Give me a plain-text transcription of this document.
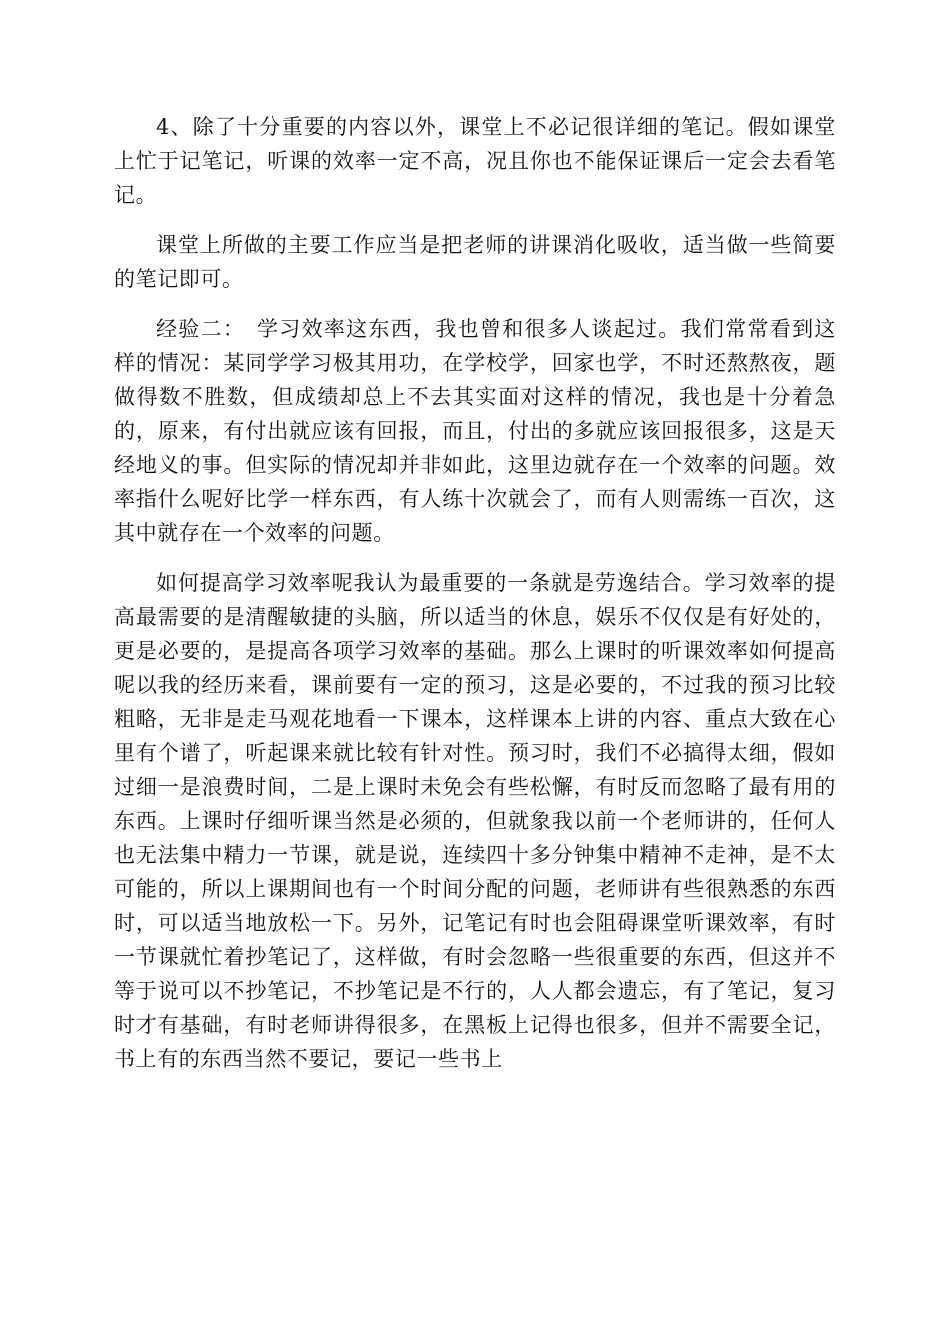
4、除了十分重要的内容以外，课堂上不必记很详细的笔记。假如课堂上忙于记笔记，听课的效率一定不高，况且你也不能保证课后一定会去看笔记。

课堂上所做的主要工作应当是把老师的讲课消化吸收，适当做一些简要的笔记即可。

经验二：　学习效率这东西，我也曾和很多人谈起过。我们常常看到这样的情况：某同学学习极其用功，在学校学，回家也学，不时还熬熬夜，题做得数不胜数，但成绩却总上不去其实面对这样的情况，我也是十分着急的，原来，有付出就应该有回报，而且，付出的多就应该回报很多，这是天经地义的事。但实际的情况却并非如此，这里边就存在一个效率的问题。效率指什么呢好比学一样东西，有人练十次就会了，而有人则需练一百次，这其中就存在一个效率的问题。

如何提高学习效率呢我认为最重要的一条就是劳逸结合。学习效率的提高最需要的是清醒敏捷的头脑，所以适当的休息，娱乐不仅仅是有好处的，更是必要的，是提高各项学习效率的基础。那么上课时的听课效率如何提高呢以我的经历来看，课前要有一定的预习，这是必要的，不过我的预习比较粗略，无非是走马观花地看一下课本，这样课本上讲的内容、重点大致在心里有个谱了，听起课来就比较有针对性。预习时，我们不必搞得太细，假如过细一是浪费时间，二是上课时未免会有些松懈，有时反而忽略了最有用的东西。上课时仔细听课当然是必须的，但就象我以前一个老师讲的，任何人也无法集中精力一节课，就是说，连续四十多分钟集中精神不走神，是不太可能的，所以上课期间也有一个时间分配的问题，老师讲有些很熟悉的东西时，可以适当地放松一下。另外，记笔记有时也会阻碍课堂听课效率，有时一节课就忙着抄笔记了，这样做，有时会忽略一些很重要的东西，但这并不等于说可以不抄笔记，不抄笔记是不行的，人人都会遗忘，有了笔记，复习时才有基础，有时老师讲得很多，在黑板上记得也很多，但并不需要全记，书上有的东西当然不要记，要记一些书上
